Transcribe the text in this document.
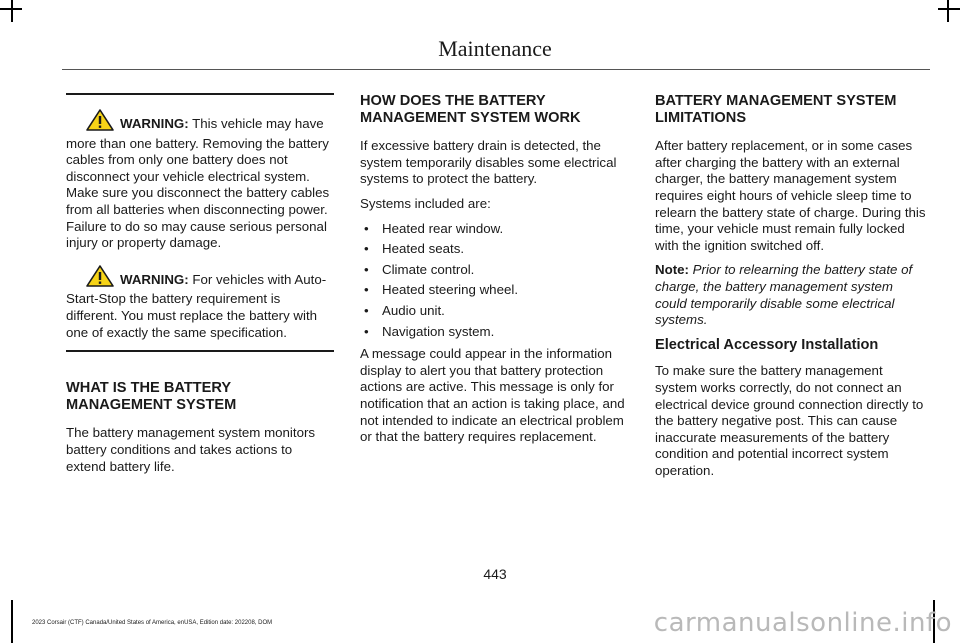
Maintenance

WARNING: This vehicle may have more than one battery. Removing the battery cables from only one battery does not disconnect your vehicle electrical system. Make sure you disconnect the battery cables from all batteries when disconnecting power. Failure to do so may cause serious personal injury or property damage.

WARNING: For vehicles with Auto-Start-Stop the battery requirement is different. You must replace the battery with one of exactly the same specification.

WHAT IS THE BATTERY MANAGEMENT SYSTEM

The battery management system monitors battery conditions and takes actions to extend battery life.

HOW DOES THE BATTERY MANAGEMENT SYSTEM WORK

If excessive battery drain is detected, the system temporarily disables some electrical systems to protect the battery.

Systems included are:

• Heated rear window.
• Heated seats.
• Climate control.
• Heated steering wheel.
• Audio unit.
• Navigation system.

A message could appear in the information display to alert you that battery protection actions are active. This message is only for notification that an action is taking place, and not intended to indicate an electrical problem or that the battery requires replacement.

BATTERY MANAGEMENT SYSTEM LIMITATIONS

After battery replacement, or in some cases after charging the battery with an external charger, the battery management system requires eight hours of vehicle sleep time to relearn the battery state of charge. During this time, your vehicle must remain fully locked with the ignition switched off.

Note: Prior to relearning the battery state of charge, the battery management system could temporarily disable some electrical systems.

Electrical Accessory Installation

To make sure the battery management system works correctly, do not connect an electrical device ground connection directly to the battery negative post. This can cause inaccurate measurements of the battery condition and potential incorrect system operation.

443
2023 Corsair (CTF) Canada/United States of America, enUSA, Edition date: 202208, DOM	carmanualsonline.info
